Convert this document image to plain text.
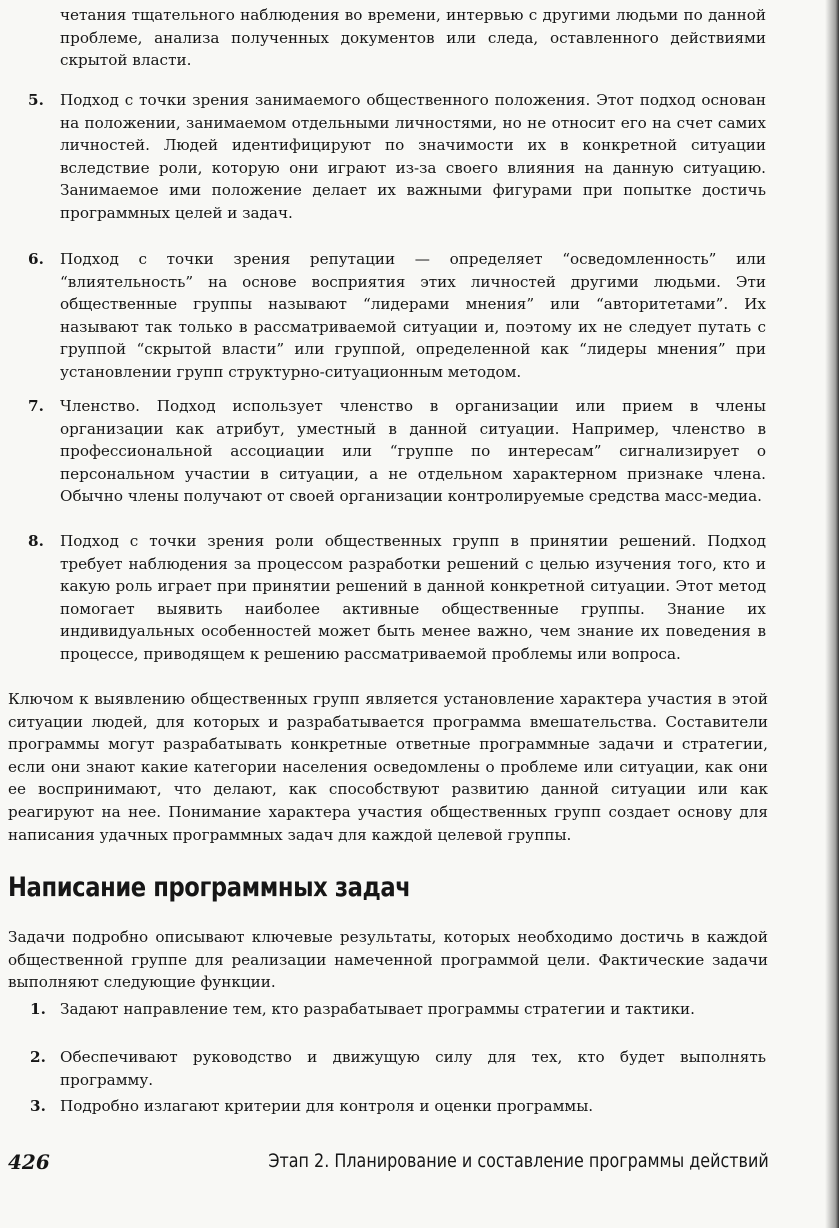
четания тщательного наблюдения во времени, интервью с другими людьми по данной проблеме, анализа полученных документов или следа, оставленного действиями скрытой власти.
5.	Подход с точки зрения занимаемого общественного положения. Этот подход основан на положении, занимаемом отдельными личностями, но не относит его на счет самих личностей. Людей идентифицируют по значимости их в конкретной ситуации вследствие роли, которую они играют из-за своего влияния на данную ситуацию. Занимаемое ими положение делает их важными фигурами при попытке достичь программных целей и задач.
6.	Подход с точки зрения репутации — определяет “осведомленность” или “влиятельность” на основе восприятия этих личностей другими людьми. Эти общественные группы называют “лидерами мнения” или “авторитетами”. Их называют так только в рассматриваемой ситуации и, поэтому их не следует путать с группой “скрытой власти” или группой, определенной как “лидеры мнения” при установлении групп структурно-ситуационным методом.
7.	Членство. Подход использует членство в организации или прием в члены организации как атрибут, уместный в данной ситуации. Например, членство в профессиональной ассоциации или “группе по интересам” сигнализирует о персональном участии в ситуации, а не отдельном характерном признаке члена. Обычно члены получают от своей организации контролируемые средства масс-медиа.
8.	Подход с точки зрения роли общественных групп в принятии решений. Подход требует наблюдения за процессом разработки решений с целью изучения того, кто и какую роль играет при принятии решений в данной конкретной ситуации. Этот метод помогает выявить наиболее активные общественные группы. Знание их индивидуальных особенностей может быть менее важно, чем знание их поведения в процессе, приводящем к решению рассматриваемой проблемы или вопроса.
Ключом к выявлению общественных групп является установление характера участия в этой ситуации людей, для которых и разрабатывается программа вмешательства. Составители программы могут разрабатывать конкретные ответные программные задачи и стратегии, если они знают какие категории населения осведомлены о проблеме или ситуации, как они ее воспринимают, что делают, как способствуют развитию данной ситуации или как реагируют на нее. Понимание характера участия общественных групп создает основу для написания удачных программных задач для каждой целевой группы.
Написание программных задач
Задачи подробно описывают ключевые результаты, которых необходимо достичь в каждой общественной группе для реализации намеченной программой цели. Фактические задачи выполняют следующие функции.
1. Задают направление тем, кто разрабатывает программы стратегии и тактики.
2. Обеспечивают руководство и движущую силу для тех, кто будет выполнять программу.
3. Подробно излагают критерии для контроля и оценки программы.
426	Этап 2. Планирование и составление программы действий
